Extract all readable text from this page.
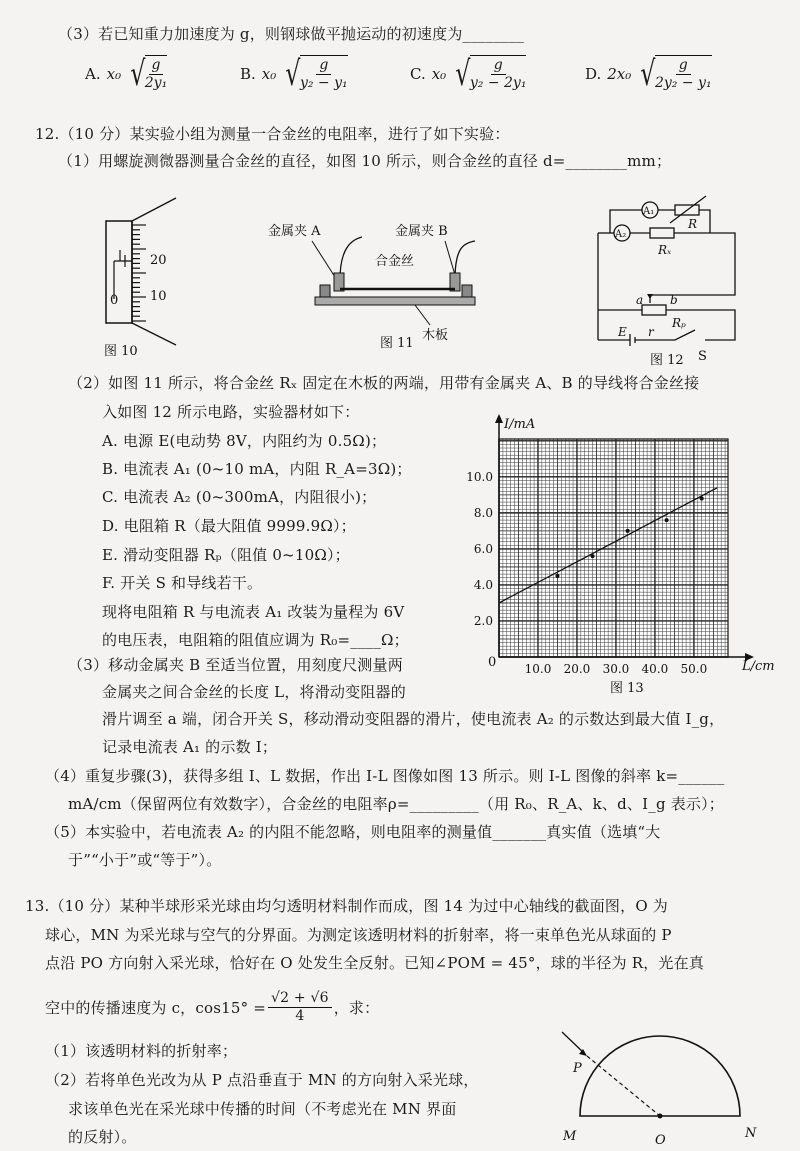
（3）若已知重力加速度为 g，则钢球做平抛运动的初速度为________
A. x₀ √ $\frac{g}{\text{2y₁}}$	B. x₀ √ $\frac{g}{\text{y₂ − y₁}}$	C. x₀ √ $\frac{g}{\text{y₂ − 2y₁}}$	D. 2x₀ √ $\frac{g}{\text{2y₂ − y₁}}$
12.（10 分）某实验小组为测量一合金丝的电阻率，进行了如下实验：
（1）用螺旋测微器测量合金丝的直径，如图 10 所示，则合金丝的直径 d=________mm；
（2）如图 11 所示，将合金丝 Rₓ 固定在木板的两端，用带有金属夹 A、B 的导线将合金丝接
入如图 12 所示电路，实验器材如下：
A. 电源 E(电动势 8V，内阻约为 0.5Ω)；
B. 电流表 A₁ (0~10 mA，内阻 R_A=3Ω)；
C. 电流表 A₂ (0~300mA，内阻很小)；
D. 电阻箱 R（最大阻值 9999.9Ω）；
E. 滑动变阻器 Rₚ（阻值 0~10Ω）；
F. 开关 S 和导线若干。
现将电阻箱 R 与电流表 A₁ 改装为量程为 6V
的电压表，电阻箱的阻值应调为 R₀=____Ω；
（3）移动金属夹 B 至适当位置，用刻度尺测量两
金属夹之间合金丝的长度 L，将滑动变阻器的
滑片调至 a 端，闭合开关 S，移动滑动变阻器的滑片，使电流表 A₂ 的示数达到最大值 I_g，
记录电流表 A₁ 的示数 I；
（4）重复步骤(3)，获得多组 I、L 数据，作出 I-L 图像如图 13 所示。则 I-L 图像的斜率 k=______
mA/cm（保留两位有效数字），合金丝的电阻率ρ=_________（用 R₀、R_A、k、d、I_g 表示）；
（5）本实验中，若电流表 A₂ 的内阻不能忽略，则电阻率的测量值_______真实值（选填“大
于”“小于”或“等于”）。
20
10
0
图 10
金属夹 A	金属夹 B
合金丝
木板
图 11
A₁
A₂
R
Rₓ
a b
Rₚ
E r
S
图 12
10.0 20.0 30.0 40.0 50.0
2.0
4.0
6.0
8.0
10.0
I/mA
L/cm
0
图 13
13.（10 分）某种半球形采光球由均匀透明材料制作而成，图 14 为过中心轴线的截面图，O 为
球心，MN 为采光球与空气的分界面。为测定该透明材料的折射率，将一束单色光从球面的 P
点沿 PO 方向射入采光球，恰好在 O 处发生全反射。已知∠POM = 45°，球的半径为 R，光在真
（1）该透明材料的折射率；
（2）若将单色光改为从 P 点沿垂直于 MN 的方向射入采光球，
求该单色光在采光球中传播的时间（不考虑光在 MN 界面
的反射）。
空中的传播速度为 c，$\cos 15^\circ = \frac{√2 + √6}{4}$ ，求：
P
M	O	N
